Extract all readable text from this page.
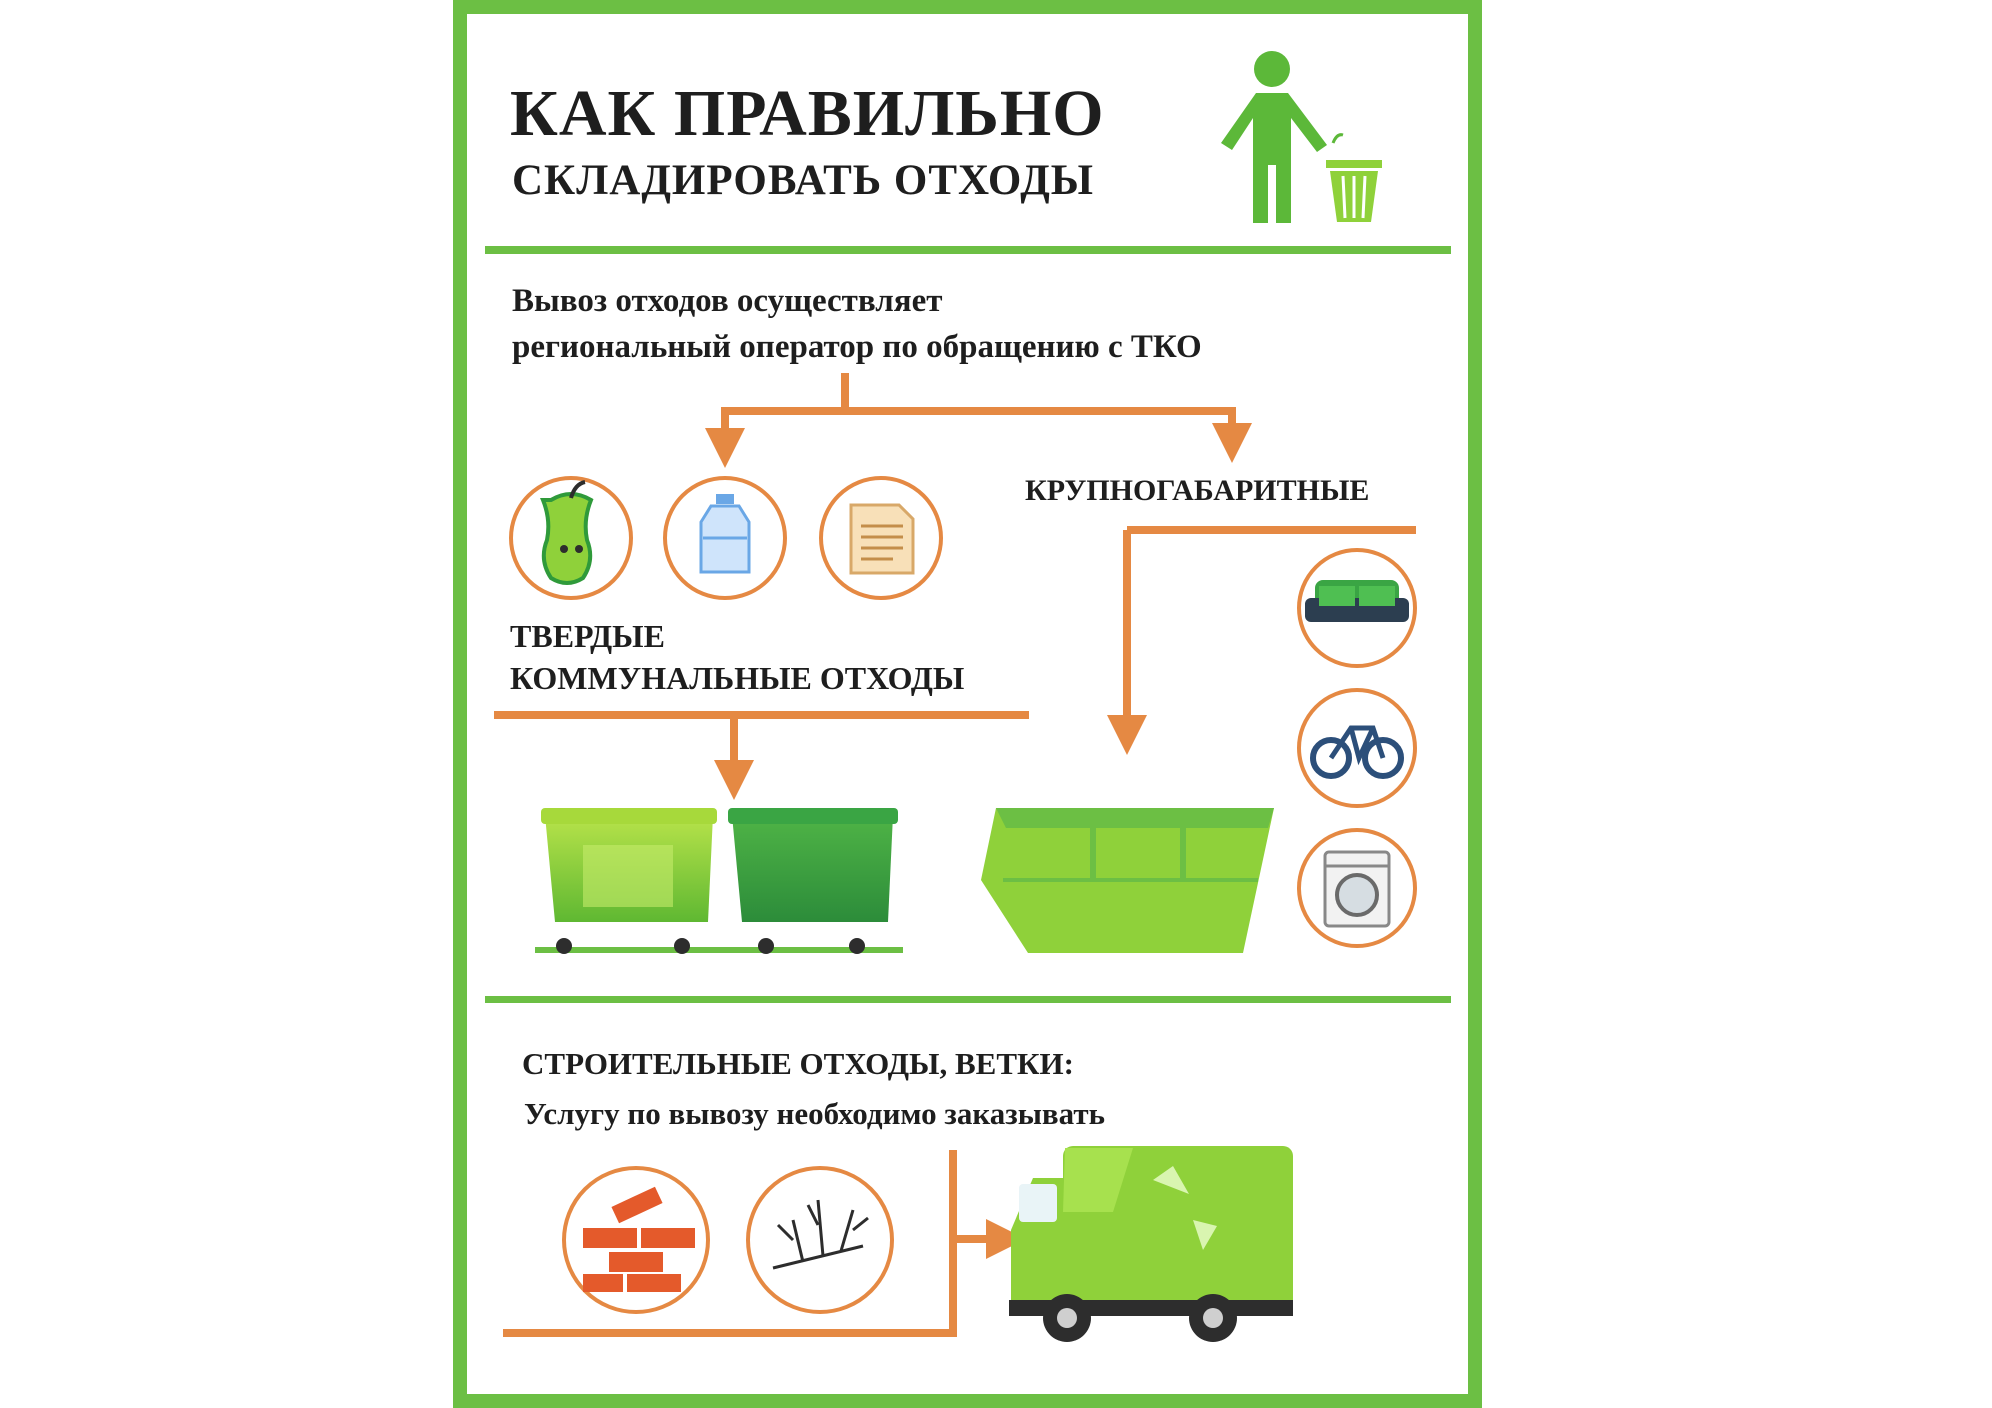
КАК ПРАВИЛЬНО

СКЛАДИРОВАТЬ ОТХОДЫ

Вывоз отходов осуществляет

региональный оператор по обращению с ТКО

КРУПНОГАБАРИТНЫЕ

ТВЕРДЫЕ

КОММУНАЛЬНЫЕ ОТХОДЫ

СТРОИТЕЛЬНЫЕ ОТХОДЫ, ВЕТКИ:

Услугу по вывозу необходимо заказывать
